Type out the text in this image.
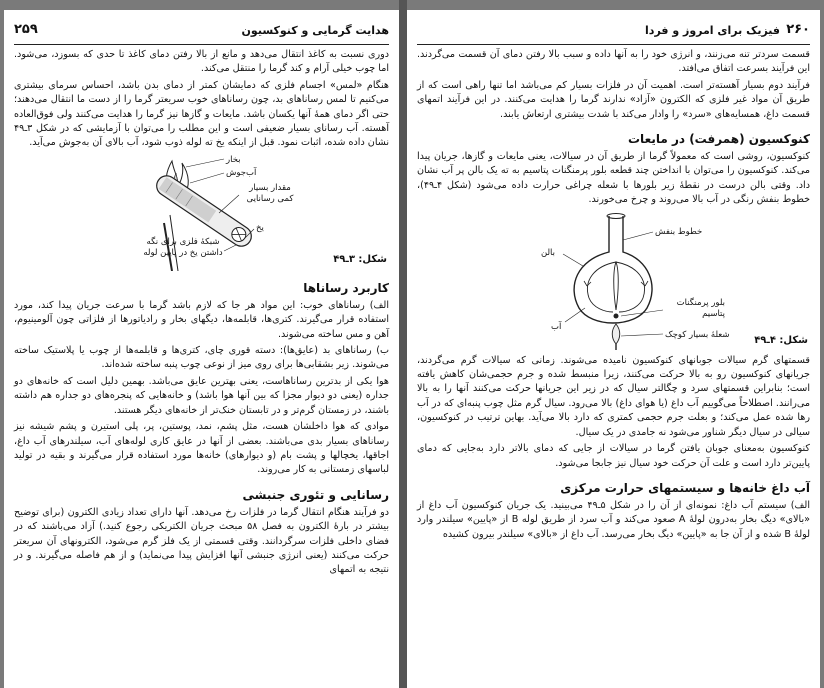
هدایت گرمایی و کنوکسیون
۲۵۹

دوری نسبت به کاغذ انتقال می‌دهد و مانع از بالا رفتن دمای کاغذ تا حدی که بسوزد، می‌شود. اما چوب خیلی آرام و کند گرما را منتقل می‌کند.

هنگام «لمس» اجسام فلزی که دمایشان کمتر از دمای بدن باشد، احساس سرمای بیشتری می‌کنیم تا لمس رساناهای بد، چون رساناهای خوب سریعتر گرما را از دست ما انتقال می‌دهند؛ حتی اگر دمای همهٔ آنها یکسان باشد. مایعات و گازها نیز گرما را هدایت می‌کنند ولی فوق‌العاده آهسته. آب رسانای بسیار ضعیفی است و این مطلب را می‌توان با آزمایشی که در شکل ۳ـ۴۹ نشان داده شده، اثبات نمود. قبل از اینکه یخ ته لوله ذوب شود، آب بالای آن به‌جوش می‌آید.

بخار
آب‌جوش
مقدار بسیار کمی رسانایی
یخ
شبکهٔ فلزی برای نگه داشتن یخ در پایین لوله
شکل: ۳ـ۴۹
کاربرد رساناها

الف) رساناهای خوب: این مواد هر جا که لازم باشد گرما با سرعت جریان پیدا کند، مورد استفاده قرار می‌گیرند. کتری‌ها، قابلمه‌ها، دیگهای بخار و رادیاتورها از فلزاتی چون آلومینیوم، آهن و مس ساخته می‌شوند.

ب) رساناهای بد (عایق‌ها): دسته قوری چای، کتری‌ها و قابلمه‌ها از چوب یا پلاستیک ساخته می‌شوند. زیر بشقابی‌ها برای روی میز از نوعی چوب پنبه ساخته شده‌اند.

هوا یکی از بدترین رساناهاست، یعنی بهترین عایق می‌باشد. بهمین دلیل است که خانه‌های دو جداره (یعنی دو دیوار مجزا که بین آنها هوا باشد) و خانه‌هایی که پنجره‌های دو جداره هم داشته باشند، در زمستان گرم‌تر و در تابستان خنک‌تر از خانه‌های دیگر هستند.

موادی که هوا داخلشان هست، مثل پشم، نمد، پوستین، پر، پلی استیرن و پشم شیشه نیز رساناهای بسیار بدی می‌باشند. بعضی از آنها در عایق کاری لوله‌های آب، سیلندرهای آب داغ، اجاقها، یخچالها و پشت بام (و دیوارهای) خانه‌ها مورد استفاده قرار می‌گیرند و بقیه در تولید لباسهای زمستانی به کار می‌روند.

رسانایی و تئوری جنبشی

دو فرآیند هنگام انتقال گرما در فلزات رخ می‌دهد. آنها دارای تعداد زیادی الکترون (برای توضیح بیشتر در بارهٔ الکترون به فصل ۵۸ مبحث جریان الکتریکی رجوع کنید.) آزاد می‌باشند که در فضای داخلی فلزات سرگردانند. وقتی قسمتی از یک فلز گرم می‌شود، الکترونهای آن سریعتر حرکت می‌کنند (یعنی انرژی جنبشی آنها افزایش پیدا می‌نماید) و از هم فاصله می‌گیرند. و در نتیجه به اتمهای

فیزیک برای امروز و فردا ۲۶۰

قسمت سردتر تنه می‌زنند، و انرژی خود را به آنها داده و سبب بالا رفتن دمای آن قسمت می‌گردند. این فرآیند بسرعت اتفاق می‌افتد.

فرآیند دوم بسیار آهسته‌تر است. اهمیت آن در فلزات بسیار کم می‌باشد اما تنها راهی است که از طریق آن مواد غیر فلزی که الکترون «آزاد» ندارند گرما را هدایت می‌کنند. در این فرآیند اتمهای قسمت داغ، همسایه‌های «سرد» را وادار می‌کند با شدت بیشتری ارتعاش یابند.

کنوکسیون (همرفت) در مایعات

کنوکسیون، روشی است که معمولاً گرما از طریق آن در سیالات، یعنی مایعات و گازها، جریان پیدا می‌کند. کنوکسیون را می‌توان با انداختن چند قطعه بلور پرمنگنات پتاسیم به ته یک بالن پر آب نشان داد. وقتی بالن درست در نقطهٔ زیر بلورها با شعله چراغی حرارت داده می‌شود (شکل ۴ـ۴۹)، خطوط بنفش رنگی در آب بالا می‌روند و چرخ می‌خورند.

خطوط بنفش
بالن
بلور پرمنگنات پتاسیم
آب
شعلهٔ بسیار کوچک شکل: ۴ـ۴۹

قسمتهای گرم سیالات جوبانهای کنوکسیون نامیده می‌شوند. زمانی که سیالات گرم می‌گردند، جریانهای کنوکسیون رو به بالا حرکت می‌کنند، زیرا منبسط شده و جرم حجمی‌شان کاهش یافته است؛ بنابراین قسمتهای سرد و چگالتر سیال که در زیر این جریانها حرکت می‌کنند آنها را به بالا می‌رانند. اصطلاحاً می‌گوییم آب داغ (یا هوای داغ) بالا می‌رود. سیال گرم مثل چوب پنبه‌ای که در آب رها شده عمل می‌کند؛ و بعلت جرم حجمی کمتری که دارد بالا می‌آید. بهاین ترتیب در کنوکسیون، سیالی در سیال دیگر شناور می‌شود نه جامدی در یک سیال.

کنوکسیون به‌معنای جوبان یافتن گرما در سیالات از جایی که دمای بالاتر دارد به‌جایی که دمای پایین‌تر دارد است و علت آن حرکت خود سیال نیز جابجا می‌شود.

آب داغ خانه‌ها و سیستمهای حرارت مرکزی

الف) سیستم آب داغ: نمونه‌ای از آن را در شکل ۵ـ۴۹ می‌بینید. یک جریان کنوکسیون آب داغ از «بالای» دیگ بخار به‌درون لولهٔ A صعود می‌کند و آب سرد از طریق لوله B از «پایین» سیلندر وارد لولهٔ B شده و از آن جا به «پایین» دیگ بخار می‌رسد. آب داغ از «بالای» سیلندر بیرون کشیده
